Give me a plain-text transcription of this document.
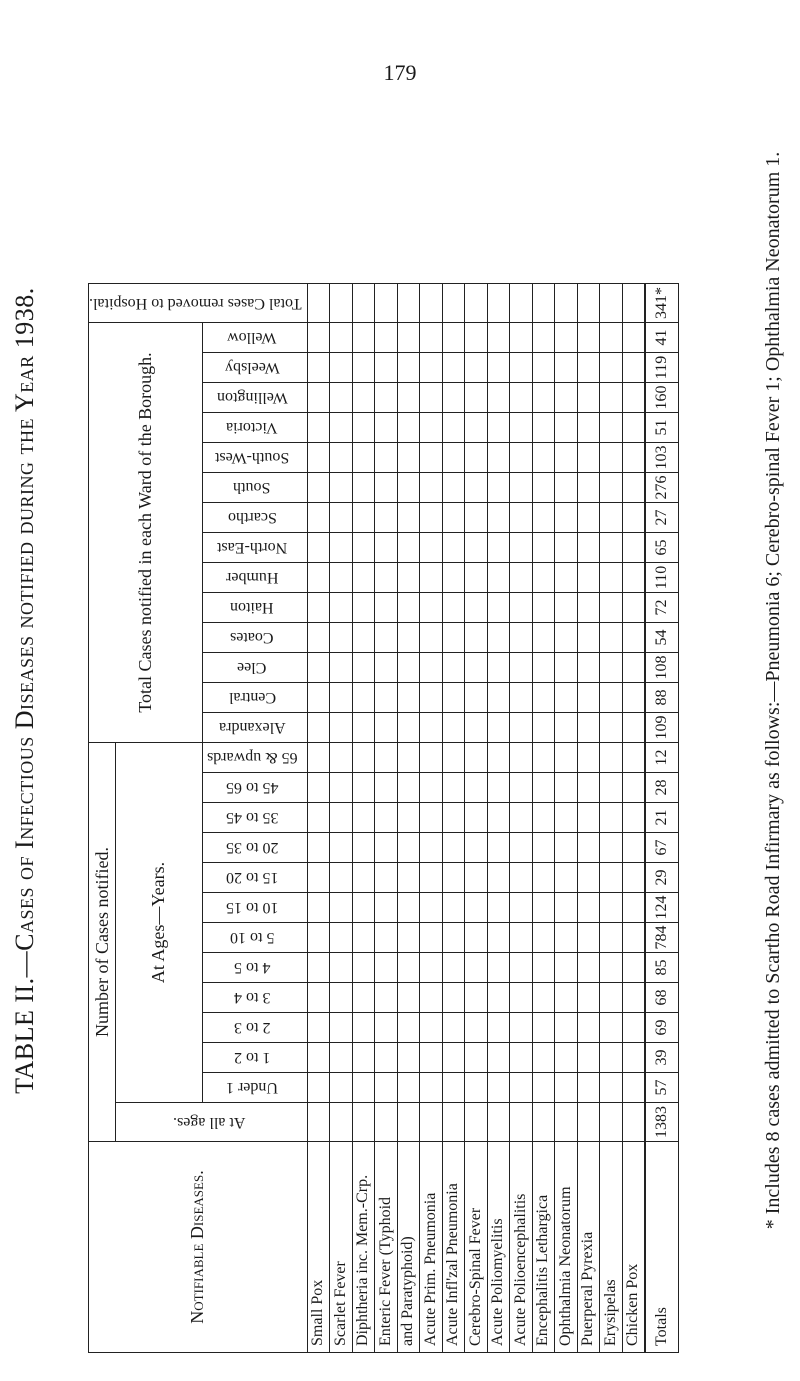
179
TABLE II.—Cases of Infectious Diseases notified during the Year 1938.
Notifiable Diseases.	Number of Cases notified.													Total Cases notified in each Ward of the Borough.														Total Cases removed to Hospital.
	At all ages.	At Ages—Years.																										
		Under 1	1 to 2	2 to 3	3 to 4	4 to 5	5 to 10	10 to 15	15 to 20	20 to 35	35 to 45	45 to 65	65 & upwards	Alexandra	Central	Clee	Coates	Haiton	Humber	North-East	Scartho	South	South-West	Victoria	Wellington	Weelsby	Wellow	
Small Pox																												
Scarlet Fever																												
Diphtheria inc. Mem.-Crp.																												
Enteric Fever (Typhoid																												
and Paratyphoid)																												
Acute Prim. Pneumonia																												
Acute Infl'zal Pneumonia																												
Cerebro-Spinal Fever																												
Acute Poliomyelitis																												
Acute Polioencephalitis																												
Encephalitis Lethargica																												
Ophthalmia Neonatorum																												
Puerperal Pyrexia																												
Erysipelas																												
Chicken Pox																												
Totals	1383	57	39	69	68	85	784	124	29	67	21	28	12	109	88	108	54	72	110	65	27	276	103	51	160	119	41	341*	* Includes 8 cases admitted to Scartho Road Infirmary as follows:—Pneumonia 6; Cerebro-spinal Fever 1; Ophthalmia Neonatorum 1.
